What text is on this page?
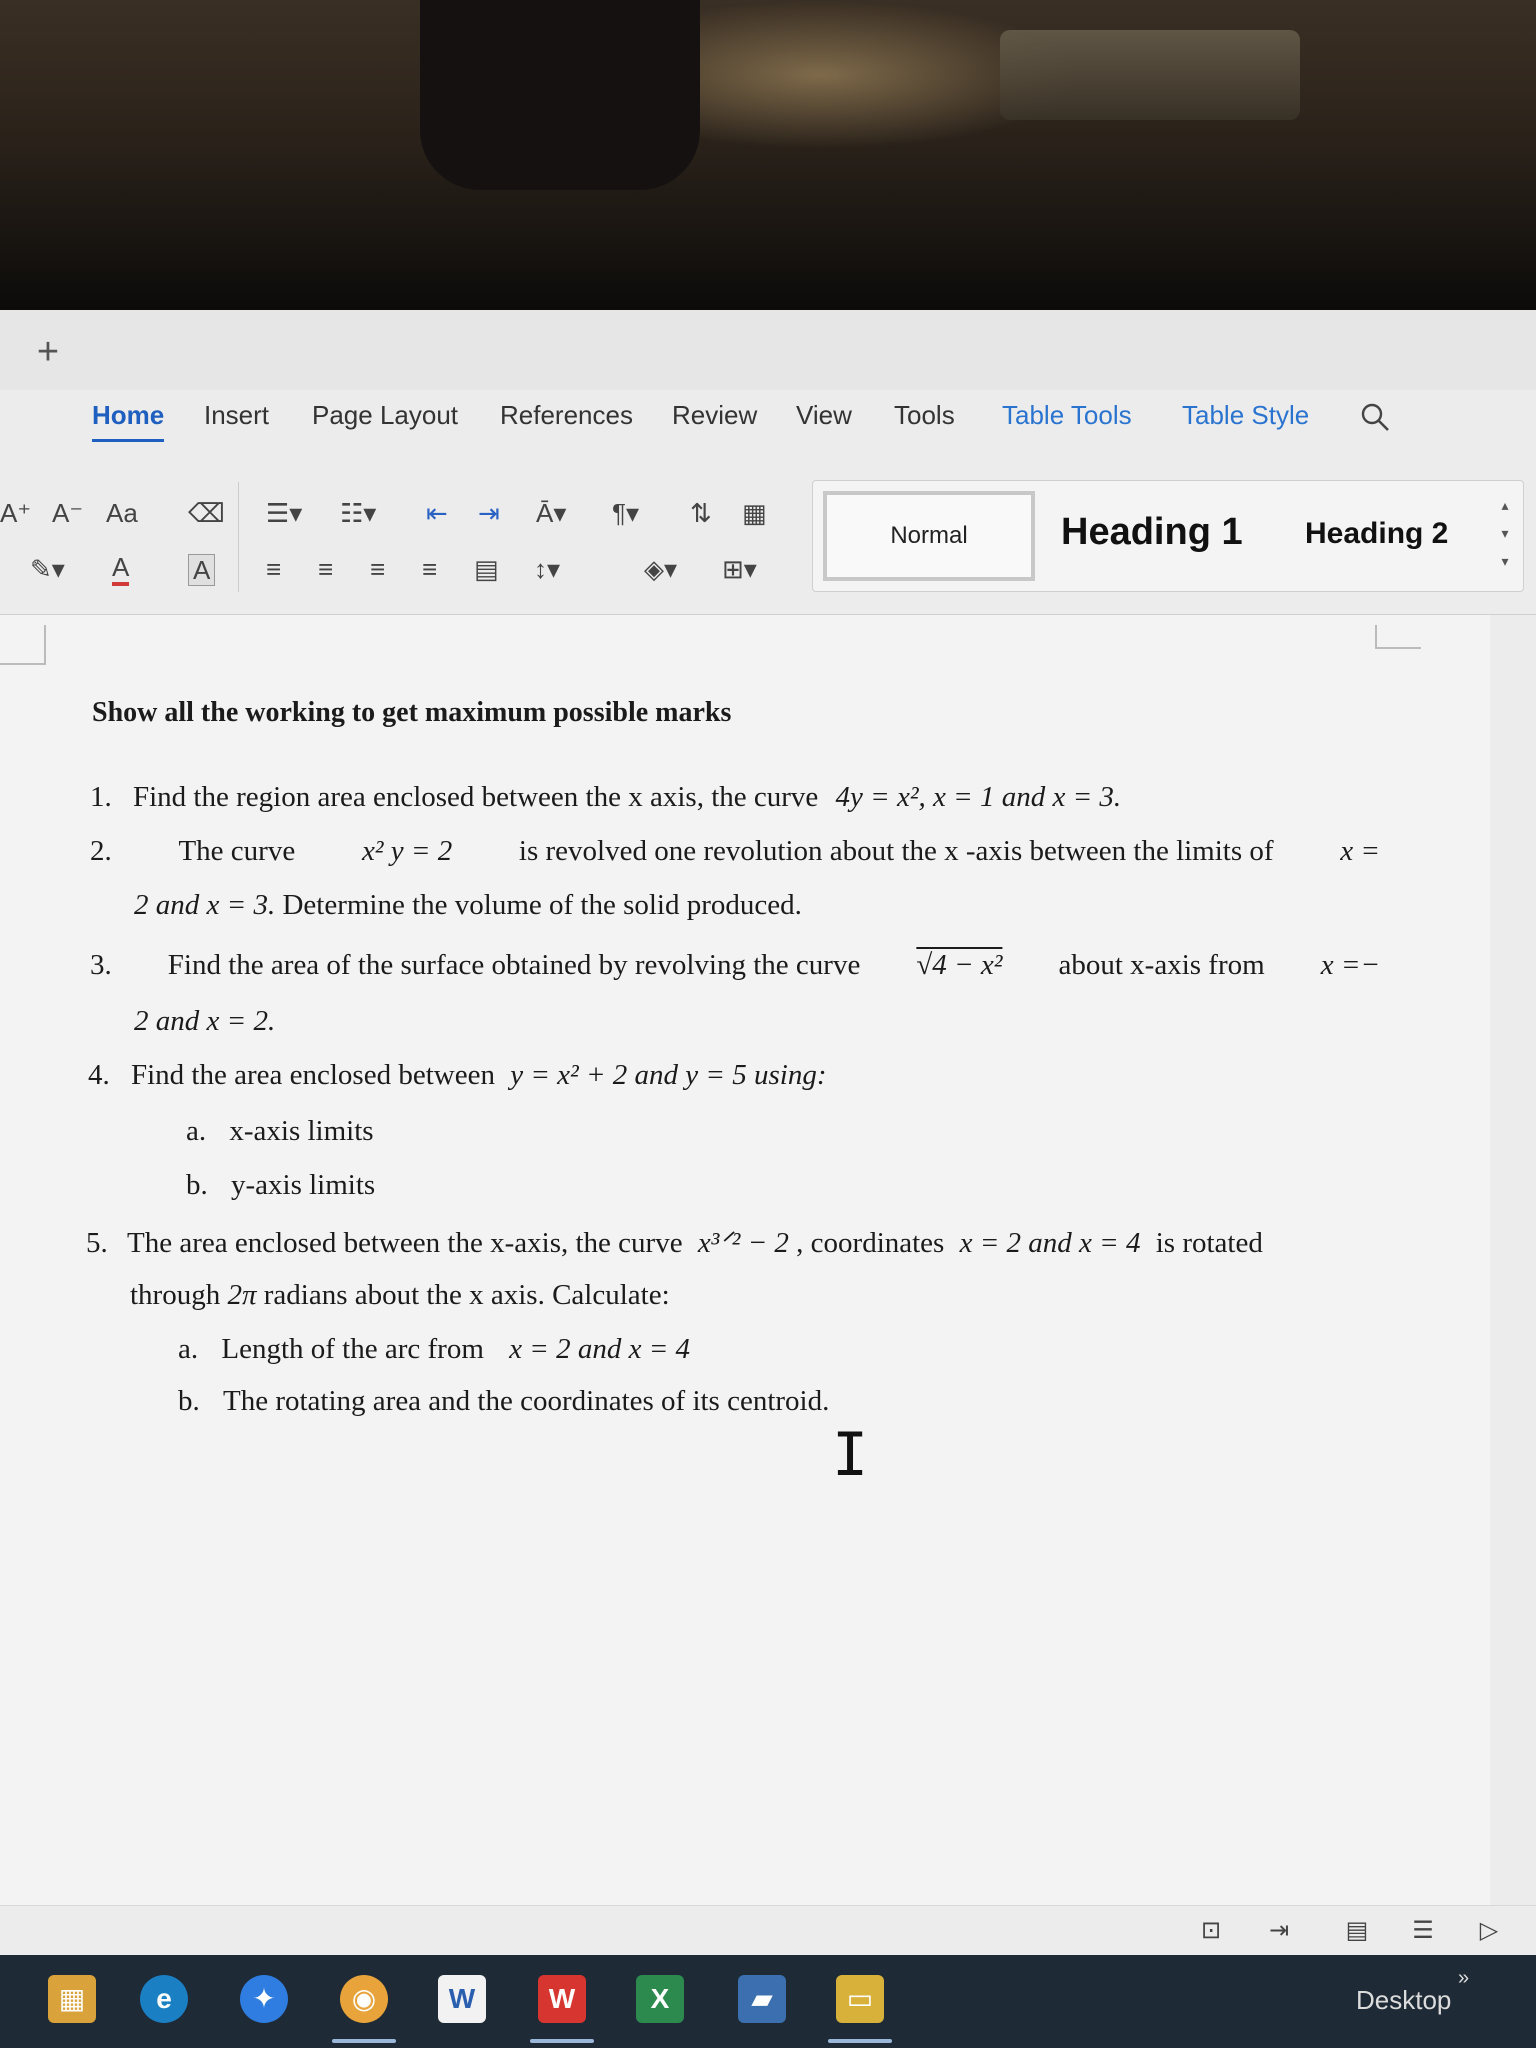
+
Home Insert Page Layout References Review View Tools Table Tools Table Style
A⁺ A⁻ Aa ⌫ ☰▾ ☷▾ ⇤ ⇥ Ā▾ ¶▾ ⇅ ▦
✎▾ A A ≡ ≡ ≡ ≡ ▤ ↕▾	◈▾ ⊞▾
Normal	Heading 1 Heading 2
▴
▾
▾
Show all the working to get maximum possible marks
1. Find the region area enclosed between the x axis, the curve 4y = x², x = 1 and x = 3.
2. The curve x² y = 2 is revolved one revolution about the x -axis between the limits of x =
2 and x = 3. Determine the volume of the solid produced.
3. Find the area of the surface obtained by revolving the curve √4 − x² about x-axis from x =−
2 and x = 2.
4. Find the area enclosed between y = x² + 2 and y = 5 using:
a. x-axis limits
b. y-axis limits
5. The area enclosed between the x-axis, the curve x³ᐟ² − 2 , coordinates x = 2 and x = 4 is rotated
through 2π radians about the x axis. Calculate:
a. Length of the arc from x = 2 and x = 4
b. The rotating area and the coordinates of its centroid.
I
⊡ ⇥ ▤ ☰ ▷
▦	e	✦	◉	W	W	X	▰	▭
»
Desktop
